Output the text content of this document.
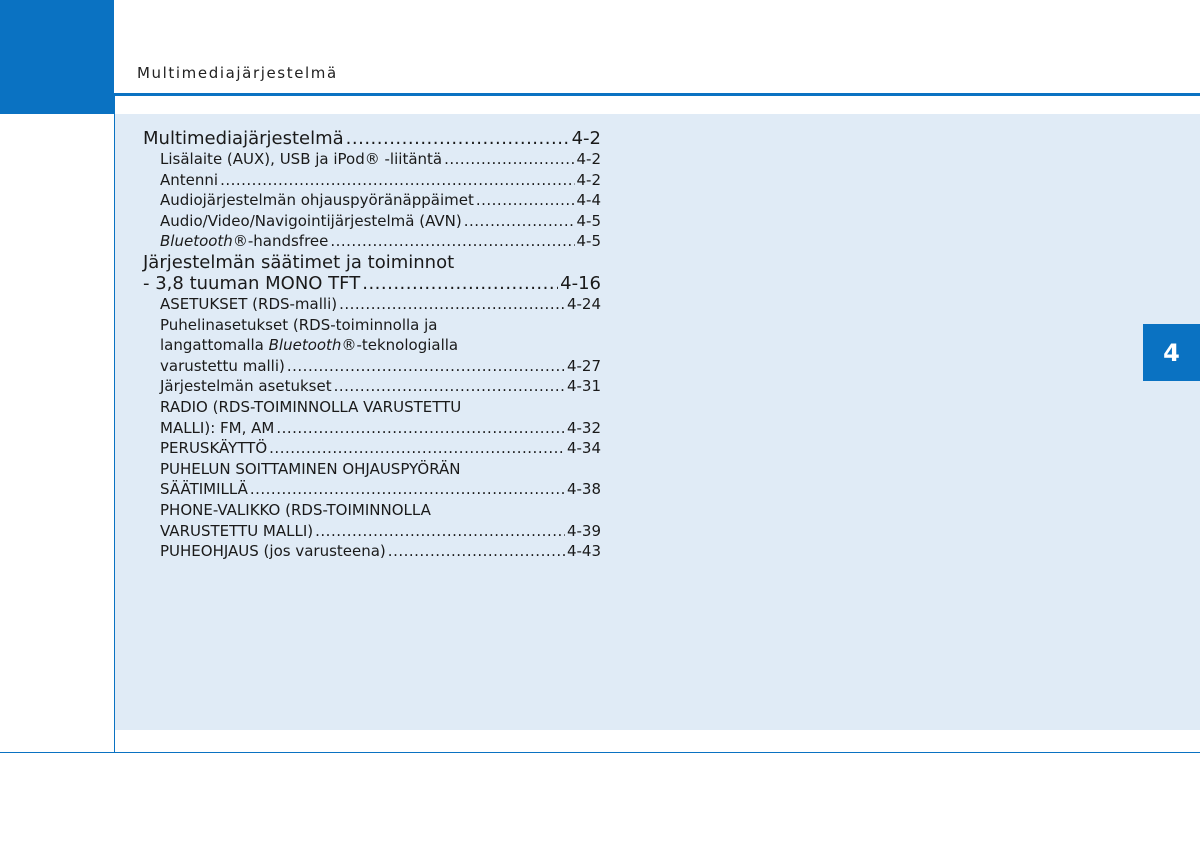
Multimediajärjestelmä
4
Multimediajärjestelmä .....	4-2
Lisälaite (AUX), USB ja iPod® -liitäntä .....	4-2
Antenni .....	4-2
Audiojärjestelmän ohjauspyöränäppäimet .....	4-4
Audio/Video/Navigointijärjestelmä (AVN) .....	4-5
Bluetooth®-handsfree .....	4-5
Järjestelmän säätimet ja toiminnot
- 3,8 tuuman MONO TFT .....	4-16
ASETUKSET (RDS-malli) .....	4-24
Puhelinasetukset (RDS-toiminnolla ja
langattomalla Bluetooth®-teknologialla
varustettu malli) .....	4-27
Järjestelmän asetukset .....	4-31
RADIO (RDS-TOIMINNOLLA VARUSTETTU
MALLI): FM, AM .....	4-32
PERUSKÄYTTÖ .....	4-34
PUHELUN SOITTAMINEN OHJAUSPYÖRÄN
SÄÄTIMILLÄ .....	4-38
PHONE-VALIKKO (RDS-TOIMINNOLLA
VARUSTETTU MALLI) .....	4-39
PUHEOHJAUS (jos varusteena) .....	4-43
